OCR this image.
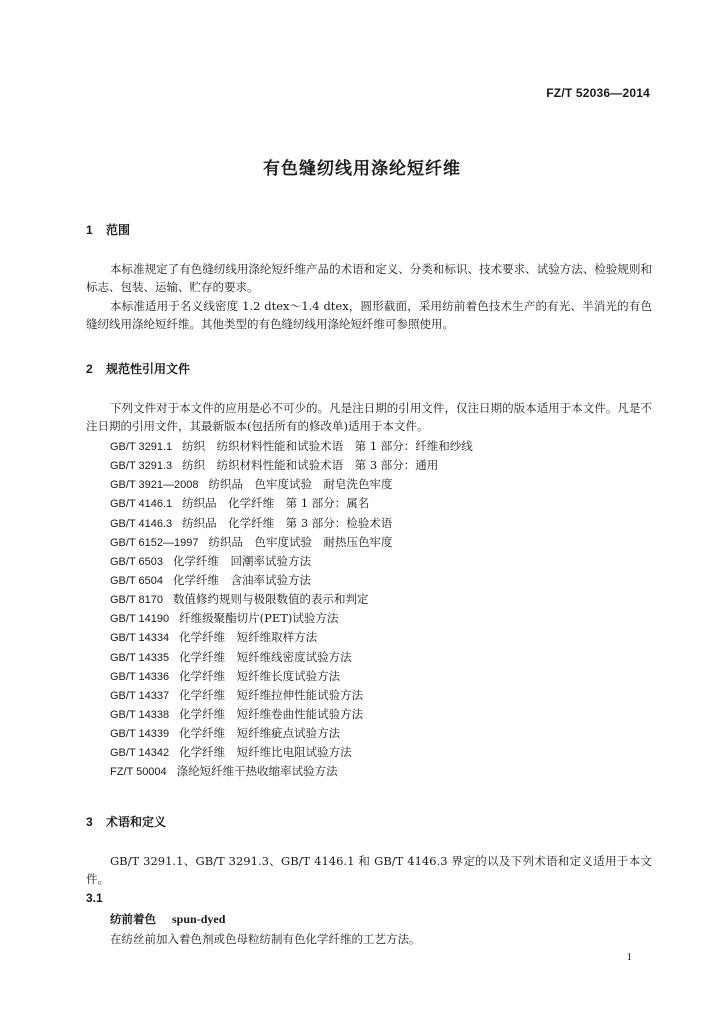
FZ/T 52036—2014
有色缝纫线用涤纶短纤维
1 范围
本标准规定了有色缝纫线用涤纶短纤维产品的术语和定义、分类和标识、技术要求、试验方法、检验规则和标志、包装、运输、贮存的要求。
本标准适用于名义线密度 1.2 dtex～1.4 dtex，圆形截面，采用纺前着色技术生产的有光、半消光的有色缝纫线用涤纶短纤维。其他类型的有色缝纫线用涤纶短纤维可参照使用。
2 规范性引用文件
下列文件对于本文件的应用是必不可少的。凡是注日期的引用文件，仅注日期的版本适用于本文件。凡是不注日期的引用文件，其最新版本(包括所有的修改单)适用于本文件。
GB/T 3291.1 纺织　纺织材料性能和试验术语　第 1 部分：纤维和纱线
GB/T 3291.3 纺织　纺织材料性能和试验术语　第 3 部分：通用
GB/T 3921—2008 纺织品　色牢度试验　耐皂洗色牢度
GB/T 4146.1 纺织品　化学纤维　第 1 部分：属名
GB/T 4146.3 纺织品　化学纤维　第 3 部分：检验术语
GB/T 6152—1997 纺织品　色牢度试验　耐热压色牢度
GB/T 6503 化学纤维　回潮率试验方法
GB/T 6504 化学纤维　含油率试验方法
GB/T 8170 数值修约规则与极限数值的表示和判定
GB/T 14190 纤维级聚酯切片(PET)试验方法
GB/T 14334 化学纤维　短纤维取样方法
GB/T 14335 化学纤维　短纤维线密度试验方法
GB/T 14336 化学纤维　短纤维长度试验方法
GB/T 14337 化学纤维　短纤维拉伸性能试验方法
GB/T 14338 化学纤维　短纤维卷曲性能试验方法
GB/T 14339 化学纤维　短纤维疵点试验方法
GB/T 14342 化学纤维　短纤维比电阻试验方法
FZ/T 50004 涤纶短纤维干热收缩率试验方法
3 术语和定义
GB/T 3291.1、GB/T 3291.3、GB/T 4146.1 和 GB/T 4146.3 界定的以及下列术语和定义适用于本文件。
3.1
纺前着色 spun-dyed
在纺丝前加入着色剂或色母粒纺制有色化学纤维的工艺方法。
1
